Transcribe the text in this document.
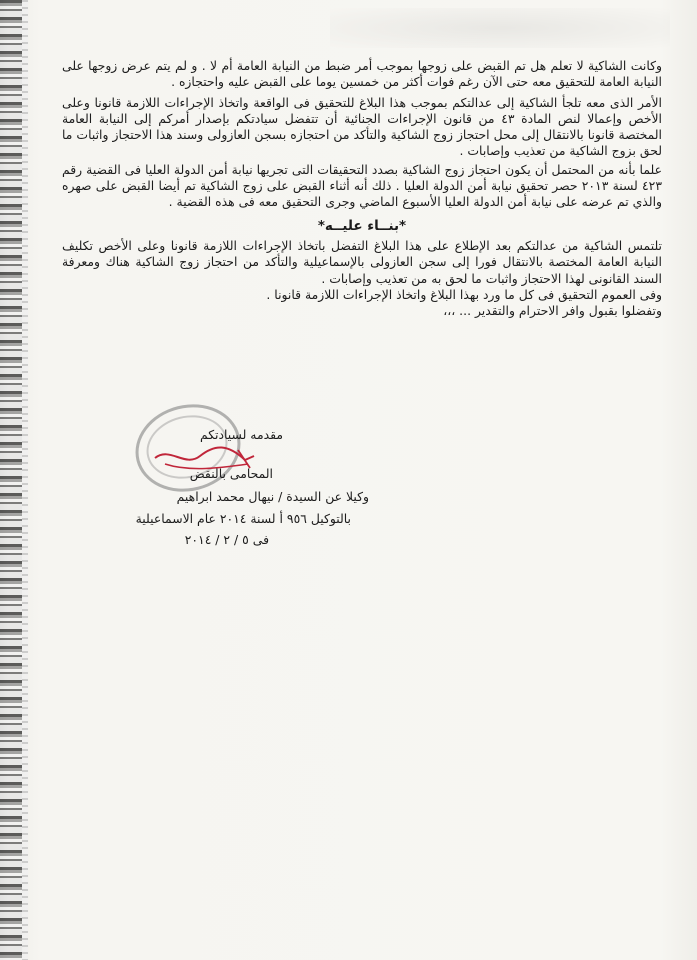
وكانت الشاكية لا تعلم هل تم القبض على زوجها بموجب أمر ضبط من النيابة العامة أم لا . و لم يتم عرض زوجها على النيابة العامة للتحقيق معه حتى الآن رغم فوات أكثر من خمسين يوما على القبض عليه واحتجازه .

الأمر الذى معه تلجأ الشاكية إلى عدالتكم بموجب هذا البلاغ للتحقيق فى الواقعة واتخاذ الإجراءات اللازمة قانونا وعلى الأخص وإعمالا لنص المادة ٤٣ من قانون الإجراءات الجنائية أن تتفضل سيادتكم بإصدار أمركم إلى النيابة العامة المختصة قانونا بالانتقال إلى محل احتجاز زوج الشاكية والتأكد من احتجازه بسجن العازولى وسند هذا الاحتجاز واثبات ما لحق بزوج الشاكية من تعذيب وإصابات .

علما بأنه من المحتمل أن يكون احتجاز زوج الشاكية بصدد التحقيقات التى تجريها نيابة أمن الدولة العليا فى القضية رقم ٤٢٣ لسنة ٢٠١٣ حصر تحقيق نيابة أمن الدولة العليا . ذلك أنه أثناء القبض على زوج الشاكية تم أيضا القبض على صهره والذي تم عرضه على نيابة أمن الدولة العليا الأسبوع الماضي وجرى التحقيق معه فى هذه القضية .

*بنــاء عليــه*

تلتمس الشاكية من عدالتكم بعد الإطلاع على هذا البلاغ التفضل باتخاذ الإجراءات اللازمة قانونا وعلى الأخص تكليف النيابة العامة المختصة بالانتقال فورا إلى سجن العازولى بالإسماعيلية والتأكد من احتجاز زوج الشاكية هناك ومعرفة السند القانونى لهذا الاحتجاز واثبات ما لحق به من تعذيب وإصابات .

وفى العموم التحقيق فى كل ما ورد بهذا البلاغ واتخاذ الإجراءات اللازمة قانونا .

وتفضلوا بقبول وافر الاحترام والتقدير ... ،،،

مقدمه لسيادتكم
المحامى بالنقض
وكيلا عن السيدة / نيهال محمد ابراهيم
بالتوكيل ٩٥٦ أ لسنة ٢٠١٤ عام الاسماعيلية
فى ٥ / ٢ / ٢٠١٤
